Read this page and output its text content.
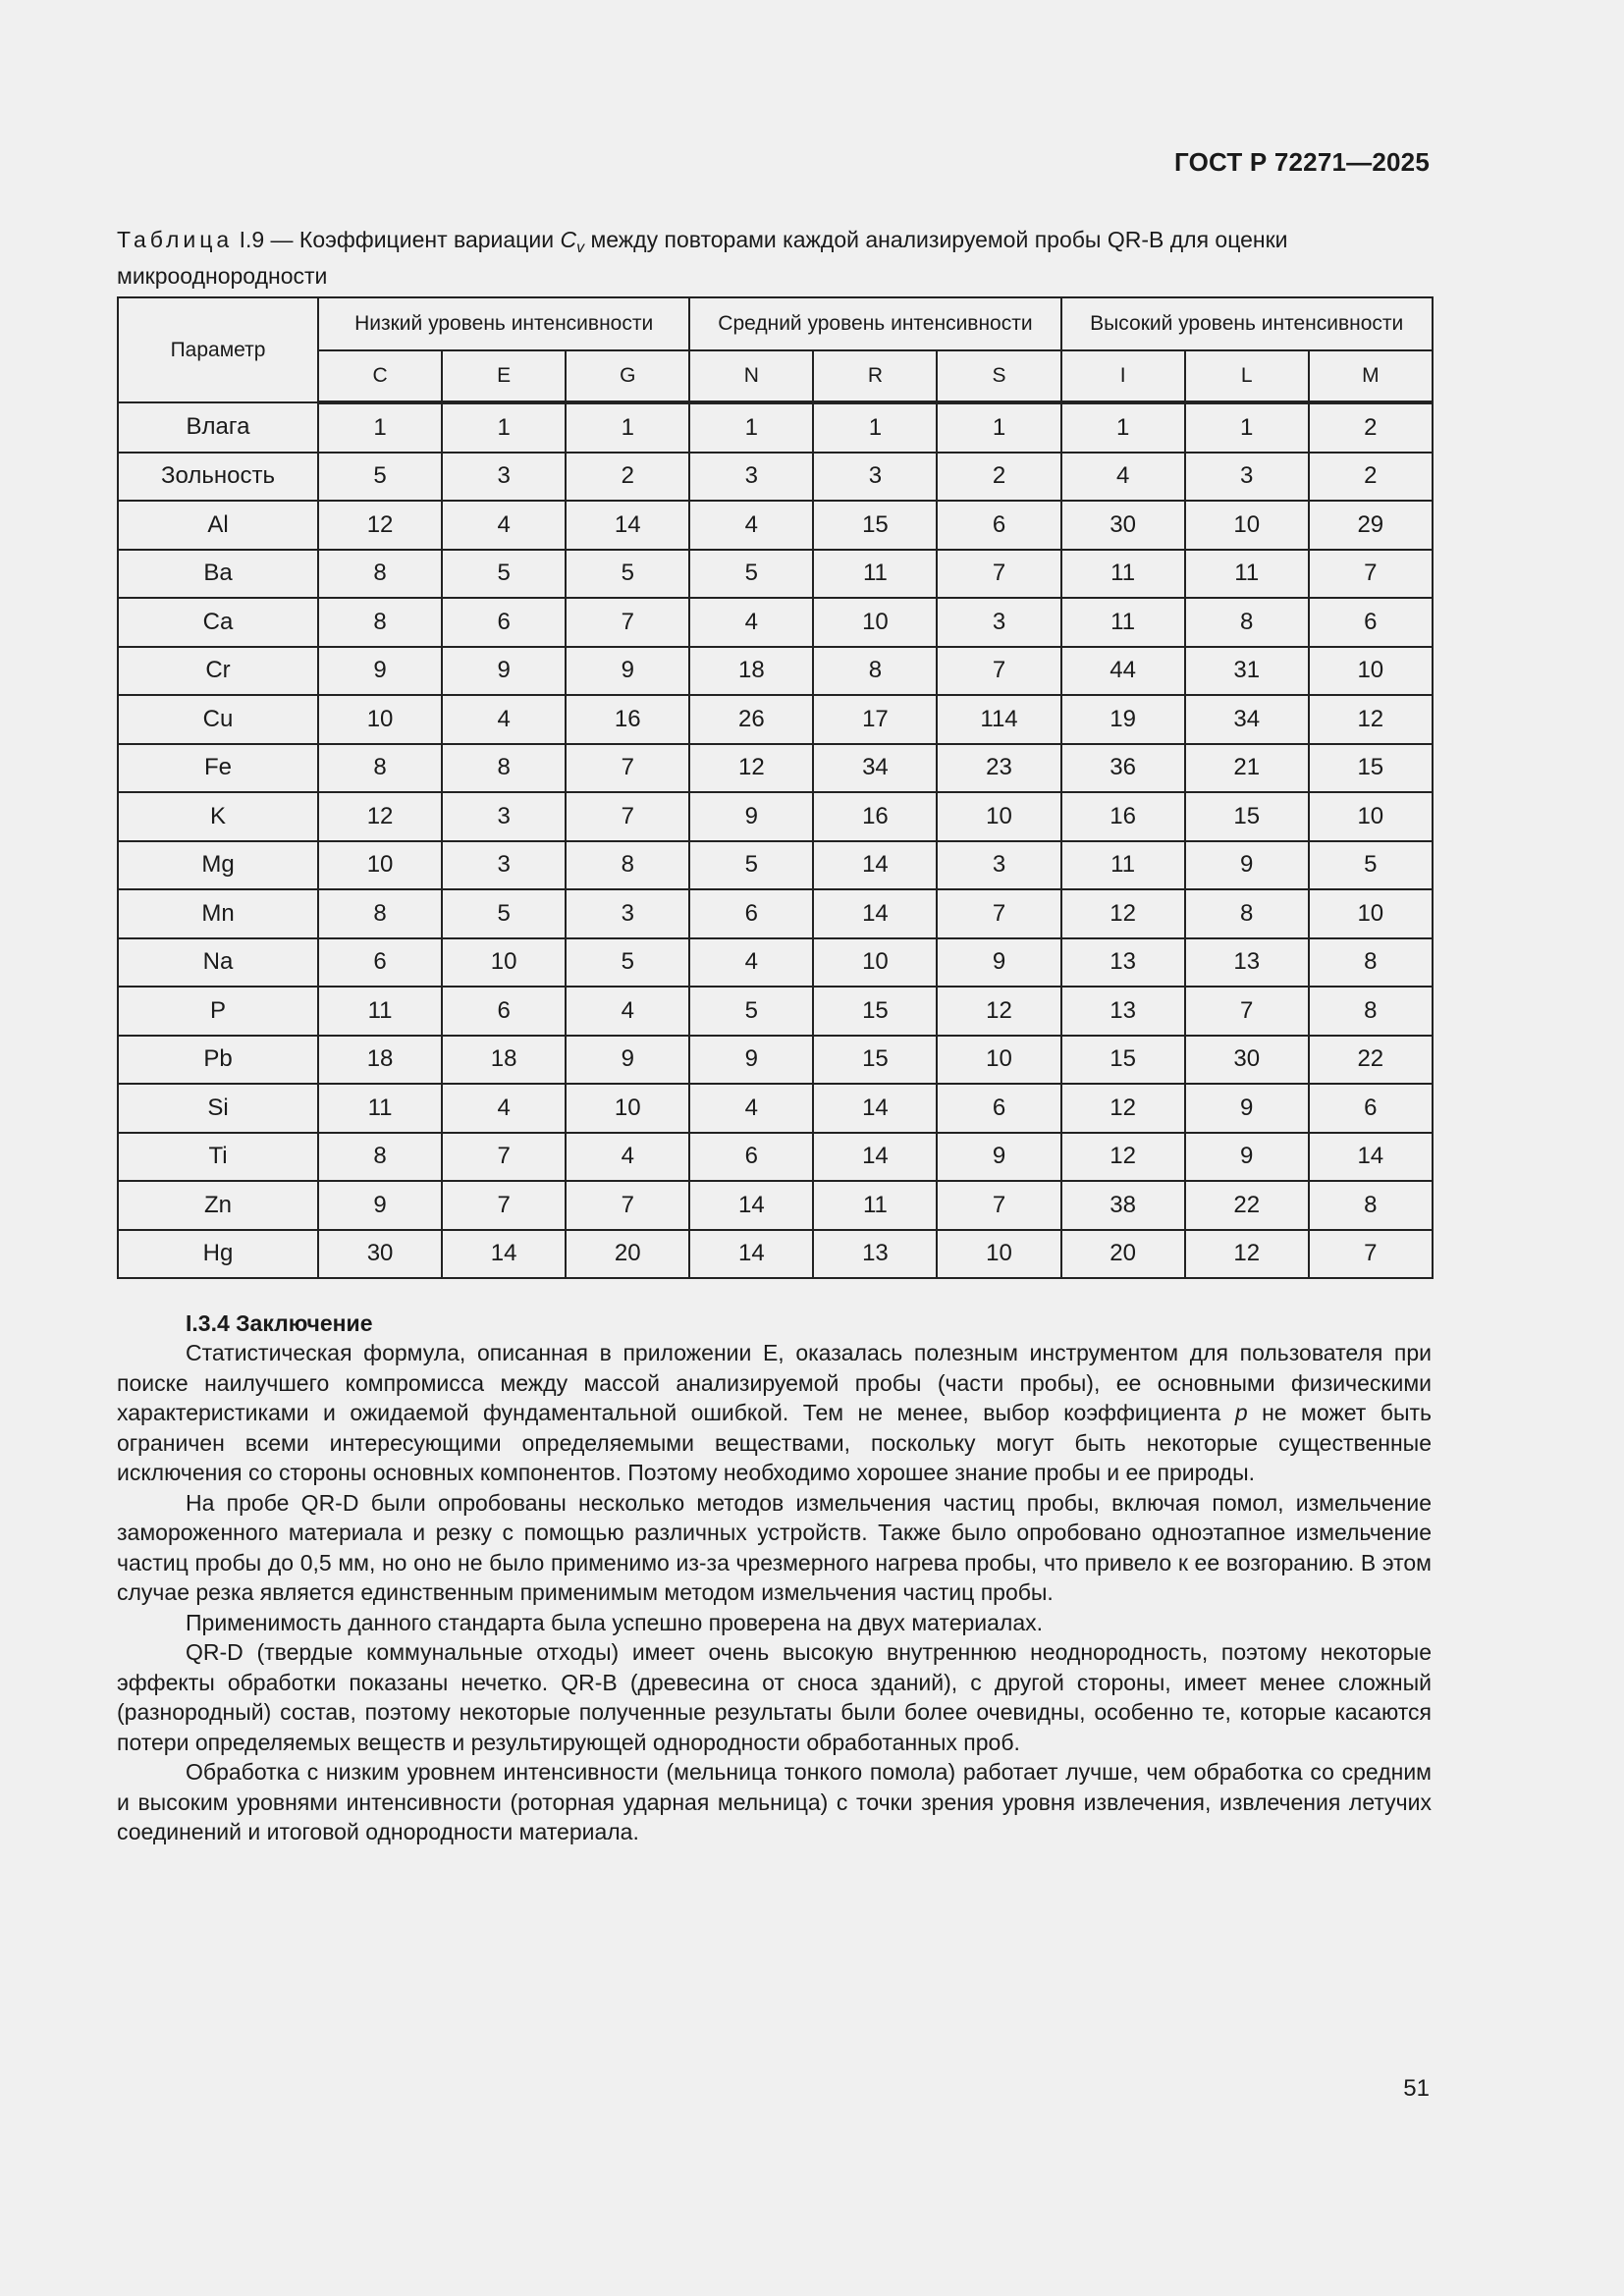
ГОСТ Р 72271—2025
Таблица I.9 — Коэффициент вариации $C_v$ между повторами каждой анализируемой пробы QR-B для оценки микрооднородности
Параметр	Низкий уровень интенсивности			Средний уровень интенсивности			Высокий уровень интенсивности		
	C	E	G	N	R	S	I	L	M
Влага	1	1	1	1	1	1	1	1	2
Зольность	5	3	2	3	3	2	4	3	2
Al	12	4	14	4	15	6	30	10	29
Ba	8	5	5	5	11	7	11	11	7
Ca	8	6	7	4	10	3	11	8	6
Cr	9	9	9	18	8	7	44	31	10
Cu	10	4	16	26	17	114	19	34	12
Fe	8	8	7	12	34	23	36	21	15
K	12	3	7	9	16	10	16	15	10
Mg	10	3	8	5	14	3	11	9	5
Mn	8	5	3	6	14	7	12	8	10
Na	6	10	5	4	10	9	13	13	8
P	11	6	4	5	15	12	13	7	8
Pb	18	18	9	9	15	10	15	30	22
Si	11	4	10	4	14	6	12	9	6
Ti	8	7	4	6	14	9	12	9	14
Zn	9	7	7	14	11	7	38	22	8
Hg	30	14	20	14	13	10	20	12	7
I.3.4 Заключение

Статистическая формула, описанная в приложении Е, оказалась полезным инструментом для пользователя при поиске наилучшего компромисса между массой анализируемой пробы (части пробы), ее основными физическими характеристиками и ожидаемой фундаментальной ошибкой. Тем не менее, выбор коэффициента p не может быть ограничен всеми интересующими определяемыми веществами, поскольку могут быть некоторые существенные исключения со стороны основных компонентов. Поэтому необходимо хорошее знание пробы и ее природы.

На пробе QR-D были опробованы несколько методов измельчения частиц пробы, включая помол, измельчение замороженного материала и резку с помощью различных устройств. Также было опробовано одноэтапное измельчение частиц пробы до 0,5 мм, но оно не было применимо из-за чрезмерного нагрева пробы, что привело к ее возгоранию. В этом случае резка является единственным применимым методом измельчения частиц пробы.

Применимость данного стандарта была успешно проверена на двух материалах.

QR-D (твердые коммунальные отходы) имеет очень высокую внутреннюю неоднородность, поэтому некоторые эффекты обработки показаны нечетко. QR-B (древесина от сноса зданий), с другой стороны, имеет менее сложный (разнородный) состав, поэтому некоторые полученные результаты были более очевидны, особенно те, которые касаются потери определяемых веществ и результирующей однородности обработанных проб.

Обработка с низким уровнем интенсивности (мельница тонкого помола) работает лучше, чем обработка со средним и высоким уровнями интенсивности (роторная ударная мельница) с точки зрения уровня извлечения, извлечения летучих соединений и итоговой однородности материала.

51
